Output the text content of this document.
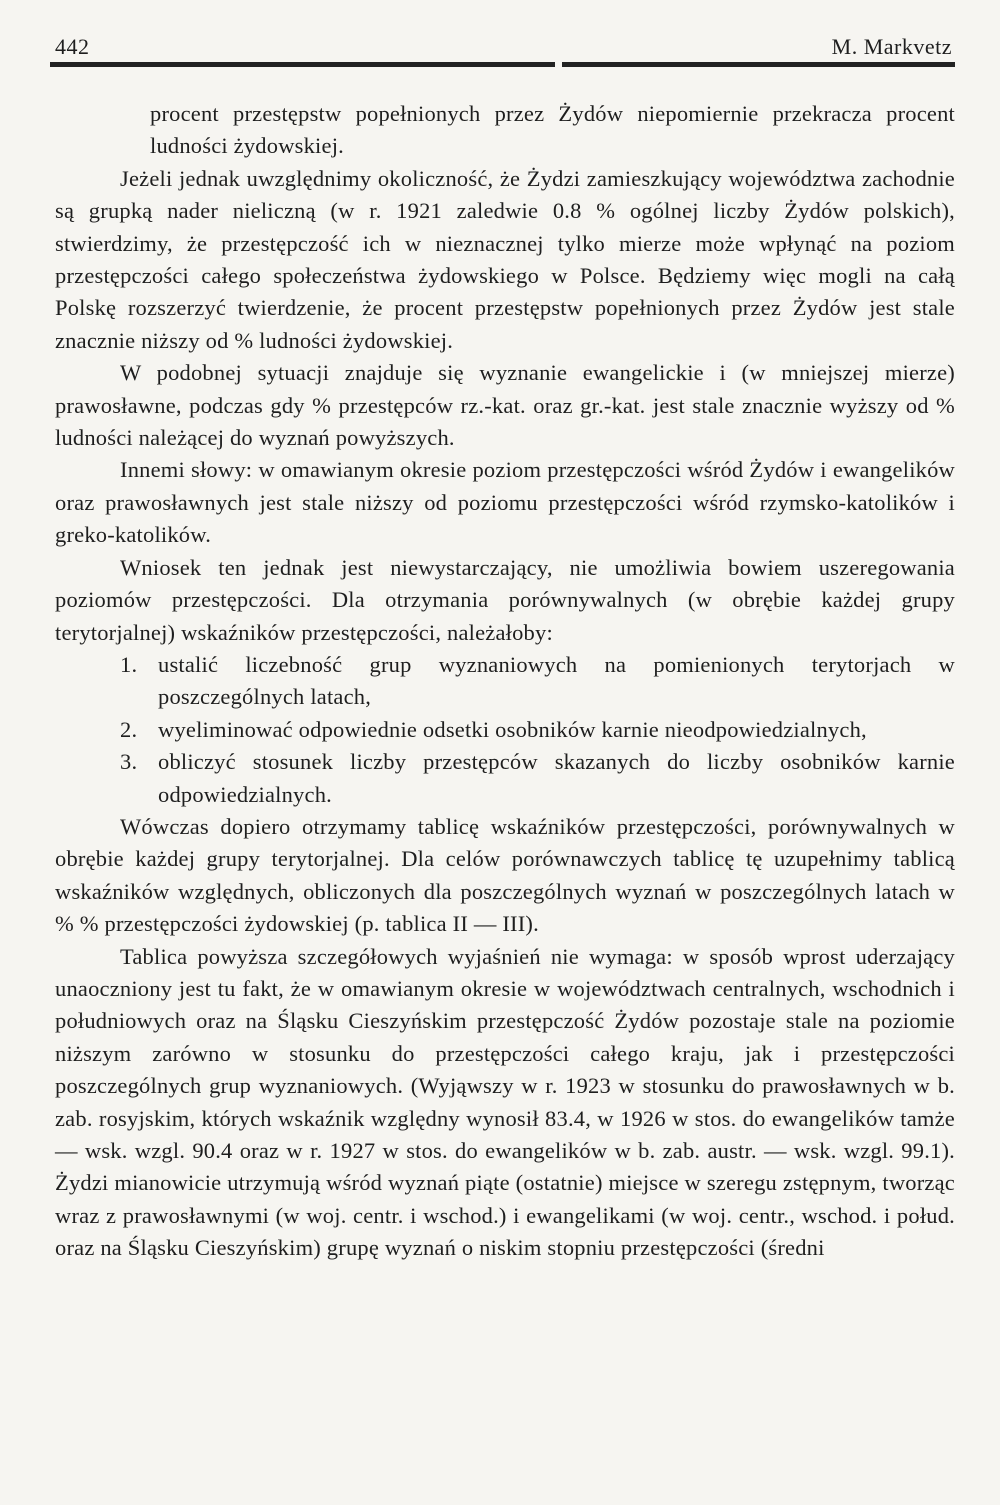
442	M. Markvetz

procent przestępstw popełnionych przez Żydów niepomiernie przekracza procent ludności żydowskiej.

Jeżeli jednak uwzględnimy okoliczność, że Żydzi zamieszkujący województwa zachodnie są grupką nader nieliczną (w r. 1921 zaledwie 0.8 % ogólnej liczby Żydów polskich), stwierdzimy, że przestępczość ich w nieznacznej tylko mierze może wpłynąć na poziom przestępczości całego społeczeństwa żydowskiego w Polsce. Będziemy więc mogli na całą Polskę rozszerzyć twierdzenie, że procent przestępstw popełnionych przez Żydów jest stale znacznie niższy od % ludności żydowskiej.

W podobnej sytuacji znajduje się wyznanie ewangelickie i (w mniejszej mierze) prawosławne, podczas gdy % przestępców rz.-kat. oraz gr.-kat. jest stale znacznie wyższy od % ludności należącej do wyznań powyższych.

Innemi słowy: w omawianym okresie poziom przestępczości wśród Żydów i ewangelików oraz prawosławnych jest stale niższy od poziomu przestępczości wśród rzymsko-katolików i greko-katolików.

Wniosek ten jednak jest niewystarczający, nie umożliwia bowiem uszeregowania poziomów przestępczości. Dla otrzymania porównywalnych (w obrębie każdej grupy terytorjalnej) wskaźników przestępczości, należałoby:

1. ustalić liczebność grup wyznaniowych na pomienionych terytorjach w poszczególnych latach,
2. wyeliminować odpowiednie odsetki osobników karnie nieodpowiedzialnych,
3. obliczyć stosunek liczby przestępców skazanych do liczby osobników karnie odpowiedzialnych.

Wówczas dopiero otrzymamy tablicę wskaźników przestępczości, porównywalnych w obrębie każdej grupy terytorjalnej. Dla celów porównawczych tablicę tę uzupełnimy tablicą wskaźników względnych, obliczonych dla poszczególnych wyznań w poszczególnych latach w % % przestępczości żydowskiej (p. tablica II — III).

Tablica powyższa szczegółowych wyjaśnień nie wymaga: w sposób wprost uderzający unaoczniony jest tu fakt, że w omawianym okresie w województwach centralnych, wschodnich i południowych oraz na Śląsku Cieszyńskim przestępczość Żydów pozostaje stale na poziomie niższym zarówno w stosunku do przestępczości całego kraju, jak i przestępczości poszczególnych grup wyznaniowych. (Wyjąwszy w r. 1923 w stosunku do prawosławnych w b. zab. rosyjskim, których wskaźnik względny wynosił 83.4, w 1926 w stos. do ewangelików tamże — wsk. wzgl. 90.4 oraz w r. 1927 w stos. do ewangelików w b. zab. austr. — wsk. wzgl. 99.1). Żydzi mianowicie utrzymują wśród wyznań piąte (ostatnie) miejsce w szeregu zstępnym, tworząc wraz z prawosławnymi (w woj. centr. i wschod.) i ewangelikami (w woj. centr., wschod. i połud. oraz na Śląsku Cieszyńskim) grupę wyznań o niskim stopniu przestępczości (średni
